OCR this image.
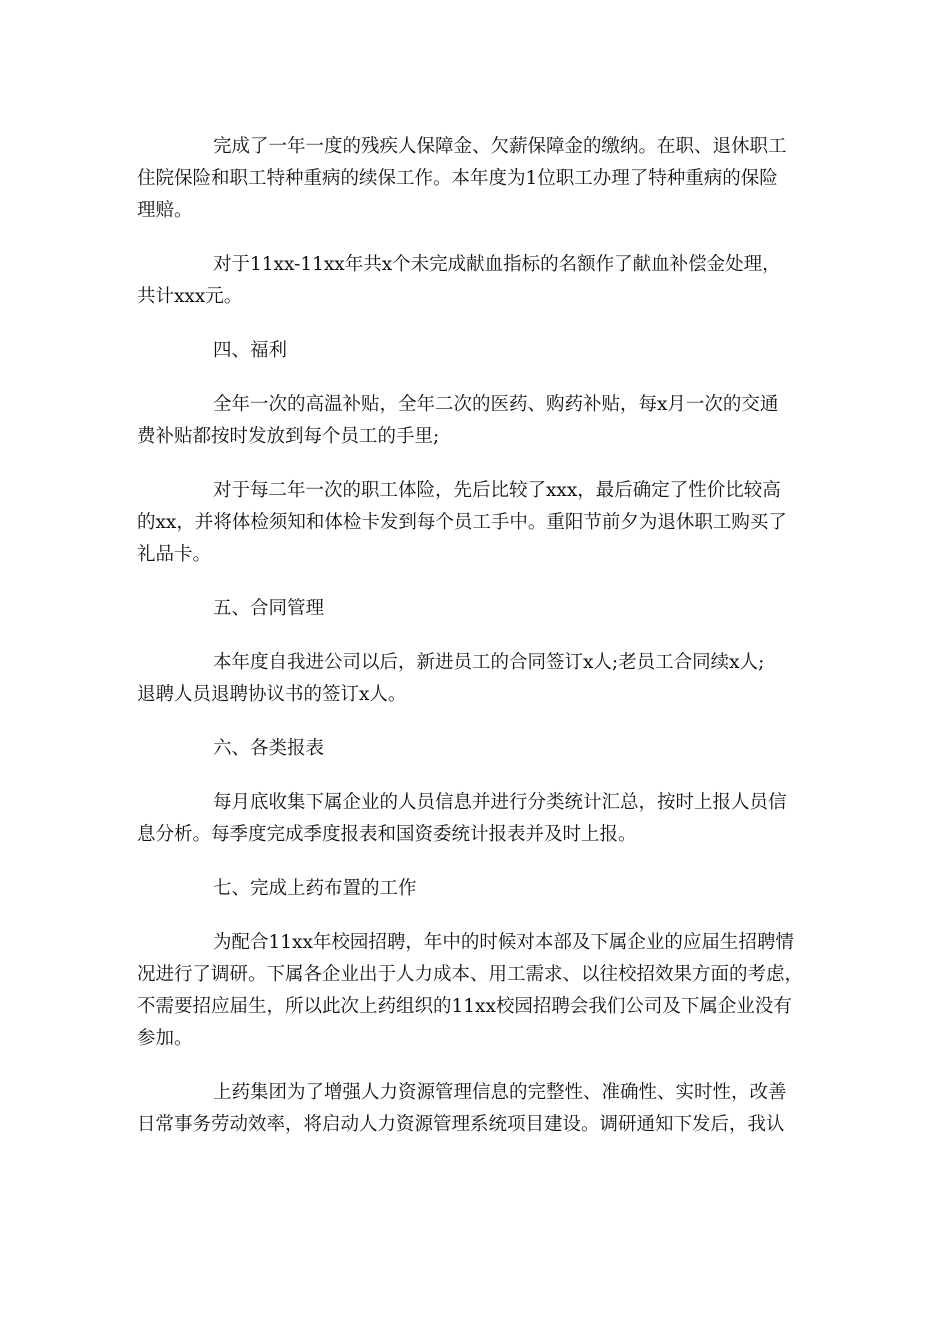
完成了一年一度的残疾人保障金、欠薪保障金的缴纳。在职、退休职工
住院保险和职工特种重病的续保工作。本年度为1位职工办理了特种重病的保险
理赔。
对于11xx-11xx年共x个未完成献血指标的名额作了献血补偿金处理，
共计xxx元。
四、福利
全年一次的高温补贴，全年二次的医药、购药补贴，每x月一次的交通
费补贴都按时发放到每个员工的手里;
对于每二年一次的职工体险，先后比较了xxx，最后确定了性价比较高
的xx，并将体检须知和体检卡发到每个员工手中。重阳节前夕为退休职工购买了
礼品卡。
五、合同管理
本年度自我进公司以后，新进员工的合同签订x人;老员工合同续x人;
退聘人员退聘协议书的签订x人。
六、各类报表
每月底收集下属企业的人员信息并进行分类统计汇总，按时上报人员信
息分析。每季度完成季度报表和国资委统计报表并及时上报。
七、完成上药布置的工作
为配合11xx年校园招聘，年中的时候对本部及下属企业的应届生招聘情
况进行了调研。下属各企业出于人力成本、用工需求、以往校招效果方面的考虑，
不需要招应届生，所以此次上药组织的11xx校园招聘会我们公司及下属企业没有
参加。
上药集团为了增强人力资源管理信息的完整性、准确性、实时性，改善
日常事务劳动效率，将启动人力资源管理系统项目建设。调研通知下发后，我认
